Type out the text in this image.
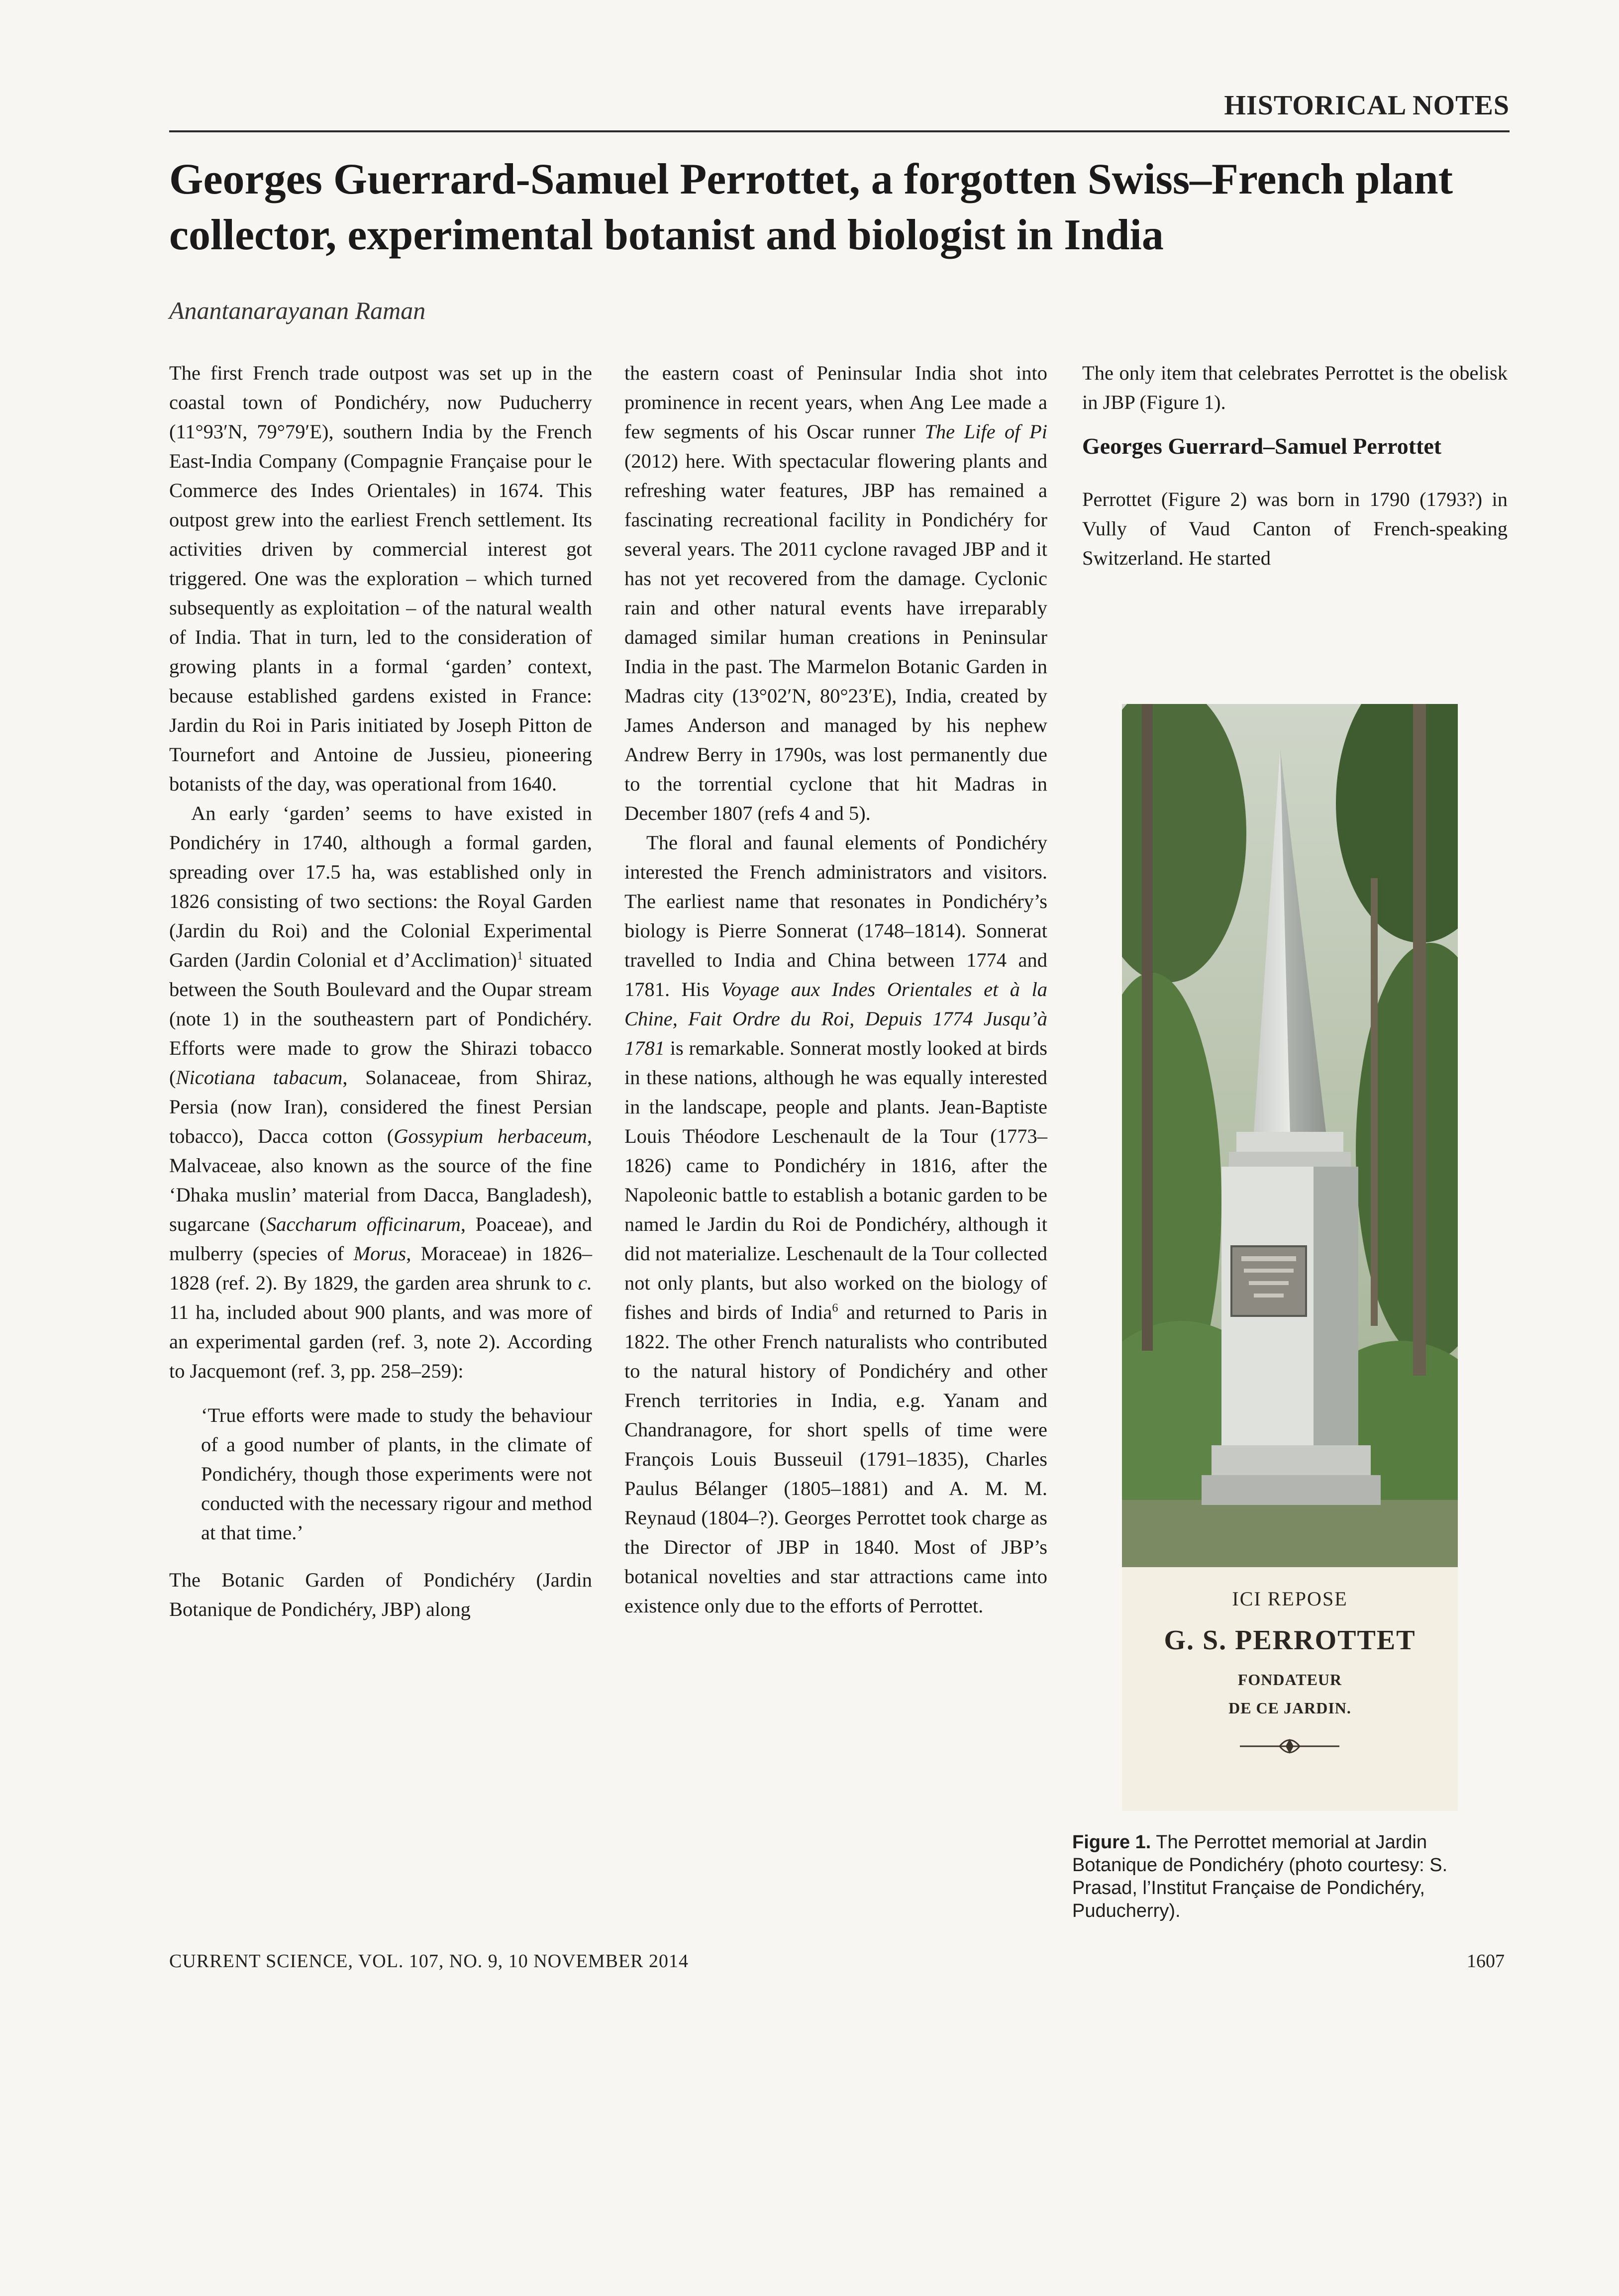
HISTORICAL NOTES
Georges Guerrard-Samuel Perrottet, a forgotten Swiss–French plant collector, experimental botanist and biologist in India
Anantanarayanan Raman

The first French trade outpost was set up in the coastal town of Pondichéry, now Puducherry (11°93′N, 79°79′E), southern India by the French East-India Company (Compagnie Française pour le Commerce des Indes Orientales) in 1674. This outpost grew into the earliest French settlement. Its activities driven by commercial interest got triggered. One was the exploration – which turned subsequently as exploitation – of the natural wealth of India. That in turn, led to the consideration of growing plants in a formal ‘garden’ context, because established gardens existed in France: Jardin du Roi in Paris initiated by Joseph Pitton de Tournefort and Antoine de Jussieu, pioneering botanists of the day, was operational from 1640.

An early ‘garden’ seems to have existed in Pondichéry in 1740, although a formal garden, spreading over 17.5 ha, was established only in 1826 consisting of two sections: the Royal Garden (Jardin du Roi) and the Colonial Experimental Garden (Jardin Colonial et d’Acclimation)$^1$ situated between the South Boulevard and the Oupar stream (note 1) in the southeastern part of Pondichéry. Efforts were made to grow the Shirazi tobacco (Nicotiana tabacum, Solanaceae, from Shiraz, Persia (now Iran), considered the finest Persian tobacco), Dacca cotton (Gossypium herbaceum, Malvaceae, also known as the source of the fine ‘Dhaka muslin’ material from Dacca, Bangladesh), sugarcane (Saccharum officinarum, Poaceae), and mulberry (species of Morus, Moraceae) in 1826–1828 (ref. 2). By 1829, the garden area shrunk to c. 11 ha, included about 900 plants, and was more of an experimental garden (ref. 3, note 2). According to Jacquemont (ref. 3, pp. 258–259):

‘True efforts were made to study the behaviour of a good number of plants, in the climate of Pondichéry, though those experiments were not conducted with the necessary rigour and method at that time.’

The Botanic Garden of Pondichéry (Jardin Botanique de Pondichéry, JBP) along

the eastern coast of Peninsular India shot into prominence in recent years, when Ang Lee made a few segments of his Oscar runner The Life of Pi (2012) here. With spectacular flowering plants and refreshing water features, JBP has remained a fascinating recreational facility in Pondichéry for several years. The 2011 cyclone ravaged JBP and it has not yet recovered from the damage. Cyclonic rain and other natural events have irreparably damaged similar human creations in Peninsular India in the past. The Marmelon Botanic Garden in Madras city (13°02′N, 80°23′E), India, created by James Anderson and managed by his nephew Andrew Berry in 1790s, was lost permanently due to the torrential cyclone that hit Madras in December 1807 (refs 4 and 5).

The floral and faunal elements of Pondichéry interested the French administrators and visitors. The earliest name that resonates in Pondichéry’s biology is Pierre Sonnerat (1748–1814). Sonnerat travelled to India and China between 1774 and 1781. His Voyage aux Indes Orientales et à la Chine, Fait Ordre du Roi, Depuis 1774 Jusqu’à 1781 is remarkable. Sonnerat mostly looked at birds in these nations, although he was equally interested in the landscape, people and plants. Jean-Baptiste Louis Théodore Leschenault de la Tour (1773–1826) came to Pondichéry in 1816, after the Napoleonic battle to establish a botanic garden to be named le Jardin du Roi de Pondichéry, although it did not materialize. Leschenault de la Tour collected not only plants, but also worked on the biology of fishes and birds of India$^6$ and returned to Paris in 1822. The other French naturalists who contributed to the natural history of Pondichéry and other French territories in India, e.g. Yanam and Chandranagore, for short spells of time were François Louis Busseuil (1791–1835), Charles Paulus Bélanger (1805–1881) and A. M. M. Reynaud (1804–?). Georges Perrottet took charge as the Director of JBP in 1840. Most of JBP’s botanical novelties and star attractions came into existence only due to the efforts of Perrottet.

The only item that celebrates Perrottet is the obelisk in JBP (Figure 1).

Georges Guerrard–Samuel Perrottet

Perrottet (Figure 2) was born in 1790 (1793?) in Vully of Vaud Canton of French-speaking Switzerland. He started

ICI REPOSE
G. S. PERROTTET
FONDATEUR
DE CE JARDIN.
Figure 1. The Perrottet memorial at Jardin Botanique de Pondichéry (photo courtesy: S. Prasad, l’Institut Française de Pondichéry, Puducherry).
CURRENT SCIENCE, VOL. 107, NO. 9, 10 NOVEMBER 2014	1607
